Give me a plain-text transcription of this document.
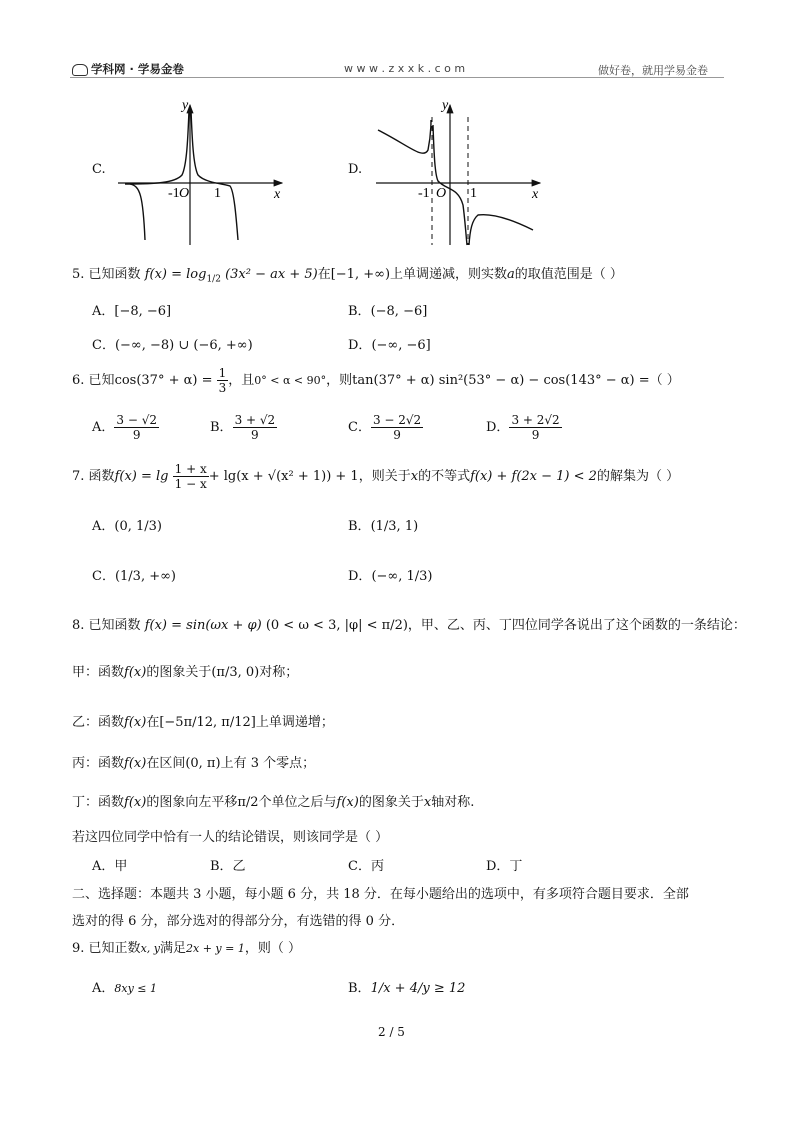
学科网 · 学易金卷	w w w . z x x k . c o m	做好卷，就用学易金卷
C.
y
x
-1 O 1
D.
y
x
-1 O 1
5. 已知函数 $f(x) = \log_{1/2} (3x^2$ − ax + 5)在[−1, +∞)上单调递减，则实数a的取值范围是（ ）
A．[−8, −6]	B．(−8, −6]
C．(−∞, −8) ∪ (−6, +∞)	D．(−∞, −6]
6. 已知$\cos(37^\circ + \alpha) = \frac{1}{3}$ ，且0° < α < 90°，则tan(37° + α) sin²(53° − α) − cos(143° − α) =（ ）
A． $\frac{3 - √2}{9}$	B． $\frac{3 + √2}{9}$	C． $\frac{3 - 2√2}{9}$	D． $\frac{3 + 2√2}{9}$
7. 函数$f(x) = \lg \frac{1 + x}{1 - x} + \lg(x + √(x^2 + 1)) + 1$，则关于x的不等式f(x) + f(2x − 1) < 2的解集为（ ）
A．(0, 1/3)	B．(1/3, 1)
C．(1/3, +∞)	D．(−∞, 1/3)
8. 已知函数 f(x) = sin(ωx + φ) (0 < ω < 3, |φ| < π/2)，甲、乙、丙、丁四位同学各说出了这个函数的一条结论：
甲：函数f(x)的图象关于(π/3, 0)对称；
乙：函数f(x)在[−5π/12, π/12]上单调递增；
丙：函数f(x)在区间(0, π)上有 3 个零点；
丁：函数f(x)的图象向左平移π/2个单位之后与f(x)的图象关于x轴对称.
若这四位同学中恰有一人的结论错误，则该同学是（ ）
A．甲	B．乙	C．丙	D．丁
二、选择题：本题共 3 小题，每小题 6 分，共 18 分．在每小题给出的选项中，有多项符合题目要求．全部
选对的得 6 分，部分选对的得部分分，有选错的得 0 分．
9. 已知正数x, y满足2x + y = 1，则（ ）
A．8xy ≤ 1	B．1/x + 4/y ≥ 12
2 / 5
